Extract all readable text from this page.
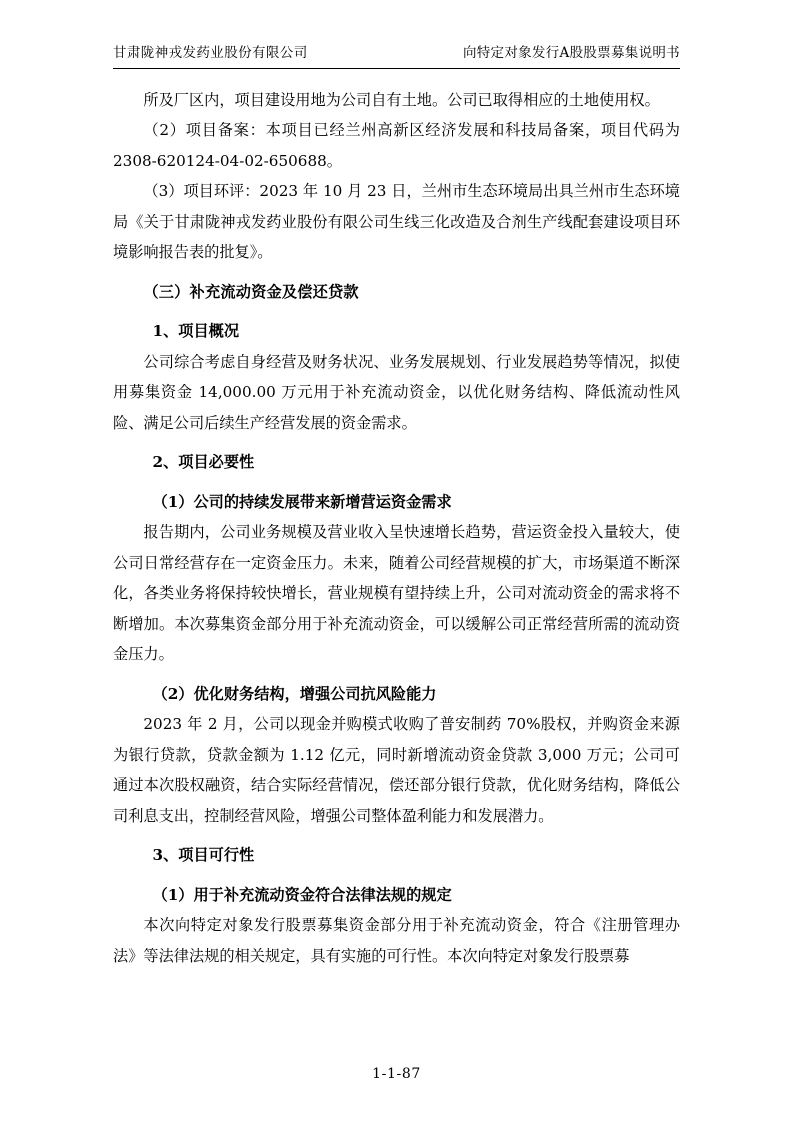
甘肃陇神戎发药业股份有限公司	向特定对象发行A股股票募集说明书

所及厂区内，项目建设用地为公司自有土地。公司已取得相应的土地使用权。

（2）项目备案：本项目已经兰州高新区经济发展和科技局备案，项目代码为 2308-620124-04-02-650688。

（3）项目环评：2023 年 10 月 23 日，兰州市生态环境局出具兰州市生态环境局《关于甘肃陇神戎发药业股份有限公司生线三化改造及合剂生产线配套建设项目环境影响报告表的批复》。

（三）补充流动资金及偿还贷款

1、项目概况

公司综合考虑自身经营及财务状况、业务发展规划、行业发展趋势等情况，拟使用募集资金 14,000.00 万元用于补充流动资金，以优化财务结构、降低流动性风险、满足公司后续生产经营发展的资金需求。

2、项目必要性

（1）公司的持续发展带来新增营运资金需求

报告期内，公司业务规模及营业收入呈快速增长趋势，营运资金投入量较大，使公司日常经营存在一定资金压力。未来，随着公司经营规模的扩大，市场渠道不断深化，各类业务将保持较快增长，营业规模有望持续上升，公司对流动资金的需求将不断增加。本次募集资金部分用于补充流动资金，可以缓解公司正常经营所需的流动资金压力。

（2）优化财务结构，增强公司抗风险能力

2023 年 2 月，公司以现金并购模式收购了普安制药 70%股权，并购资金来源为银行贷款，贷款金额为 1.12 亿元，同时新增流动资金贷款 3,000 万元；公司可通过本次股权融资，结合实际经营情况，偿还部分银行贷款，优化财务结构，降低公司利息支出，控制经营风险，增强公司整体盈利能力和发展潜力。

3、项目可行性

（1）用于补充流动资金符合法律法规的规定

本次向特定对象发行股票募集资金部分用于补充流动资金，符合《注册管理办法》等法律法规的相关规定，具有实施的可行性。本次向特定对象发行股票募

1-1-87
